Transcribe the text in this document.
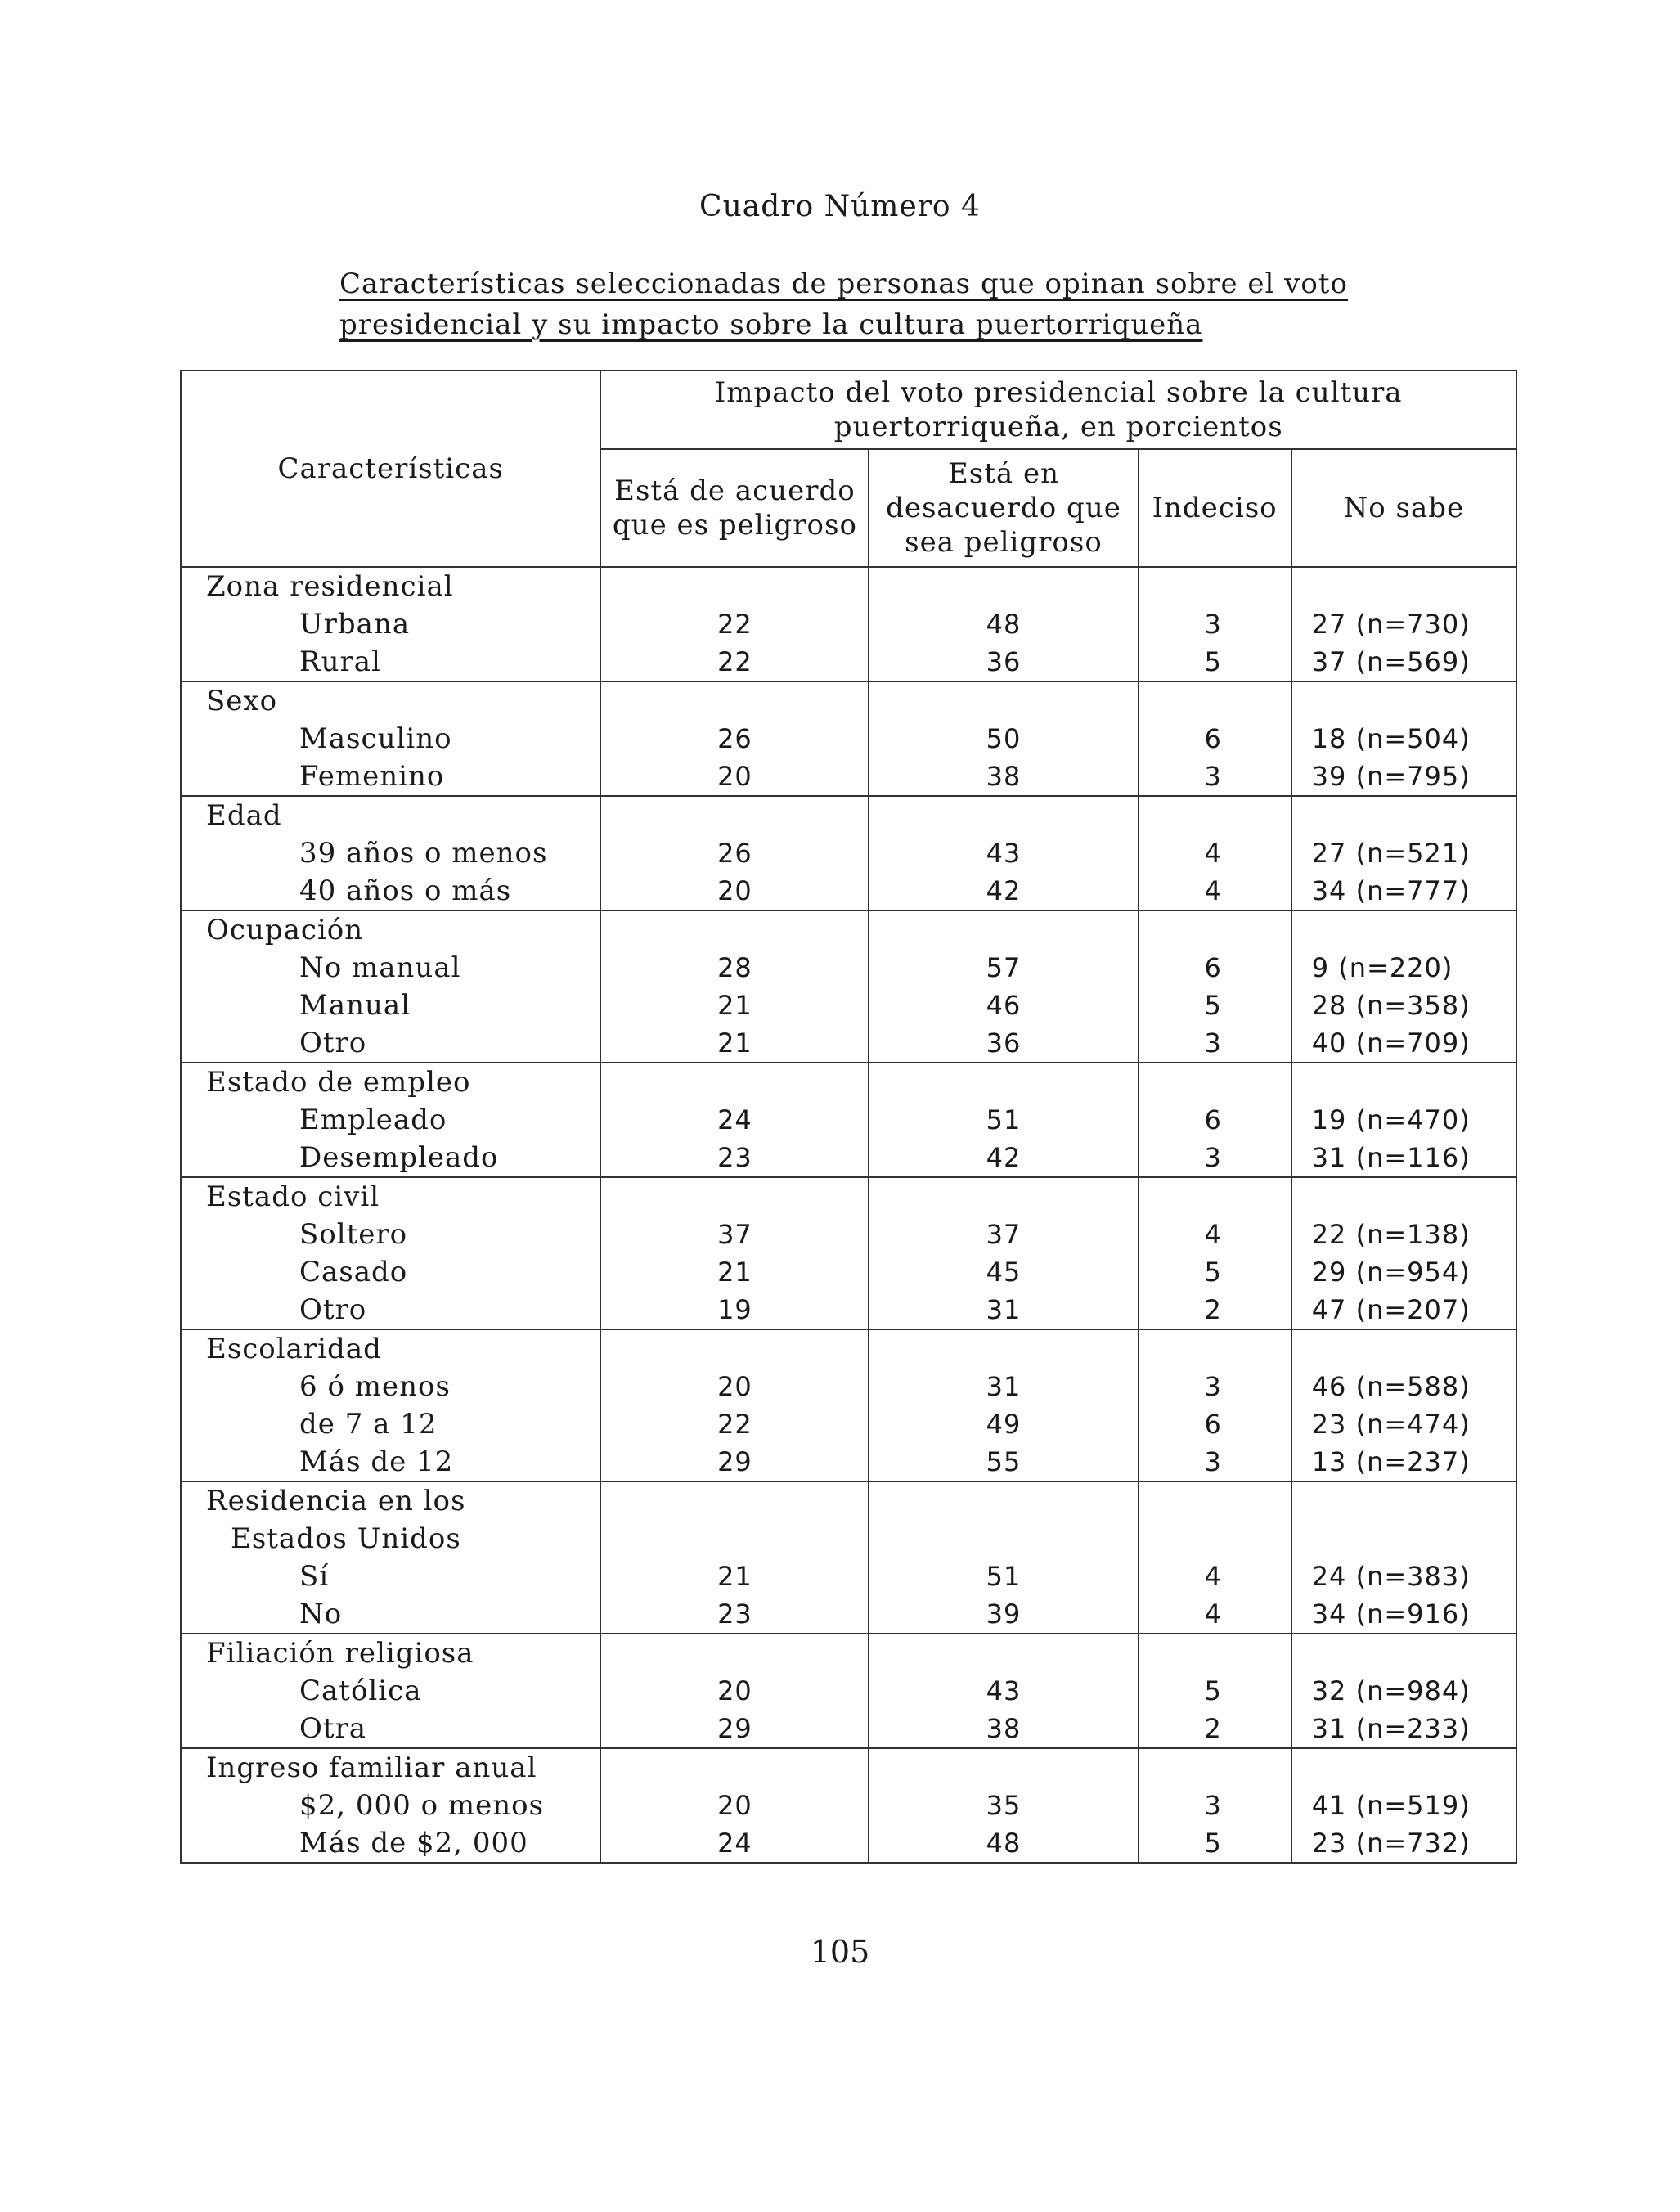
Cuadro Número 4
Características seleccionadas de personas que opinan sobre el voto presidencial y su impacto sobre la cultura puertorriqueña
Características	Impacto del voto presidencial sobre la cultura puertorriqueña, en porcientos			
	Está de acuerdo que es peligroso	Está en desacuerdo que sea peligroso	Indeciso	No sabe
Zona residencial				
Urbana	22	48	3	27 (n=730)
Rural	22	36	5	37 (n=569)
Sexo				
Masculino	26	50	6	18 (n=504)
Femenino	20	38	3	39 (n=795)
Edad				
39 años o menos	26	43	4	27 (n=521)
40 años o más	20	42	4	34 (n=777)
Ocupación				
No manual	28	57	6	9 (n=220)
Manual	21	46	5	28 (n=358)
Otro	21	36	3	40 (n=709)
Estado de empleo				
Empleado	24	51	6	19 (n=470)
Desempleado	23	42	3	31 (n=116)
Estado civil				
Soltero	37	37	4	22 (n=138)
Casado	21	45	5	29 (n=954)
Otro	19	31	2	47 (n=207)
Escolaridad				
6 ó menos	20	31	3	46 (n=588)
de 7 a 12	22	49	6	23 (n=474)
Más de 12	29	55	3	13 (n=237)
Residencia en los				
Estados Unidos				
Sí	21	51	4	24 (n=383)
No	23	39	4	34 (n=916)
Filiación religiosa				
Católica	20	43	5	32 (n=984)
Otra	29	38	2	31 (n=233)
Ingreso familiar anual				
$2, 000 o menos	20	35	3	41 (n=519)
Más de $2, 000	24	48	5	23 (n=732)
105
